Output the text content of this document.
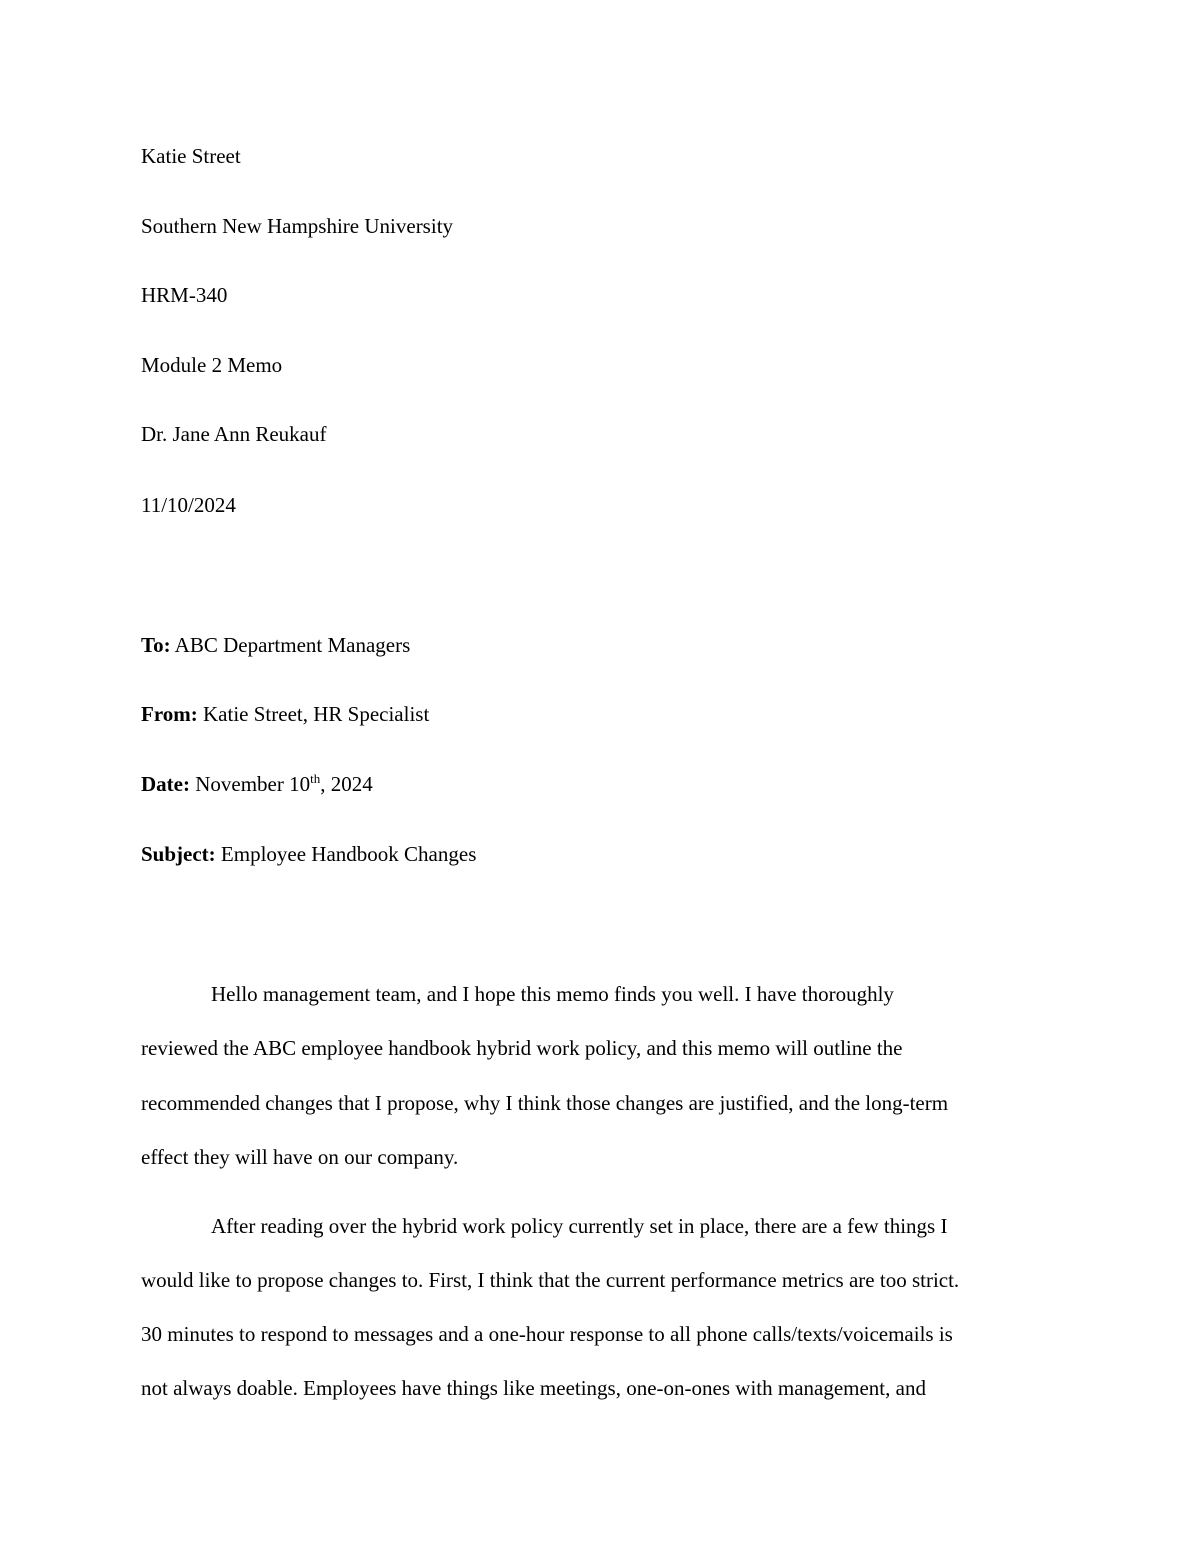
Katie Street
Southern New Hampshire University
HRM-340
Module 2 Memo
Dr. Jane Ann Reukauf
11/10/2024
To: ABC Department Managers
From: Katie Street, HR Specialist
Date: November 10th, 2024
Subject: Employee Handbook Changes
Hello management team, and I hope this memo finds you well. I have thoroughly
reviewed the ABC employee handbook hybrid work policy, and this memo will outline the
recommended changes that I propose, why I think those changes are justified, and the long-term
effect they will have on our company.
After reading over the hybrid work policy currently set in place, there are a few things I
would like to propose changes to. First, I think that the current performance metrics are too strict.
30 minutes to respond to messages and a one-hour response to all phone calls/texts/voicemails is
not always doable. Employees have things like meetings, one-on-ones with management, and
